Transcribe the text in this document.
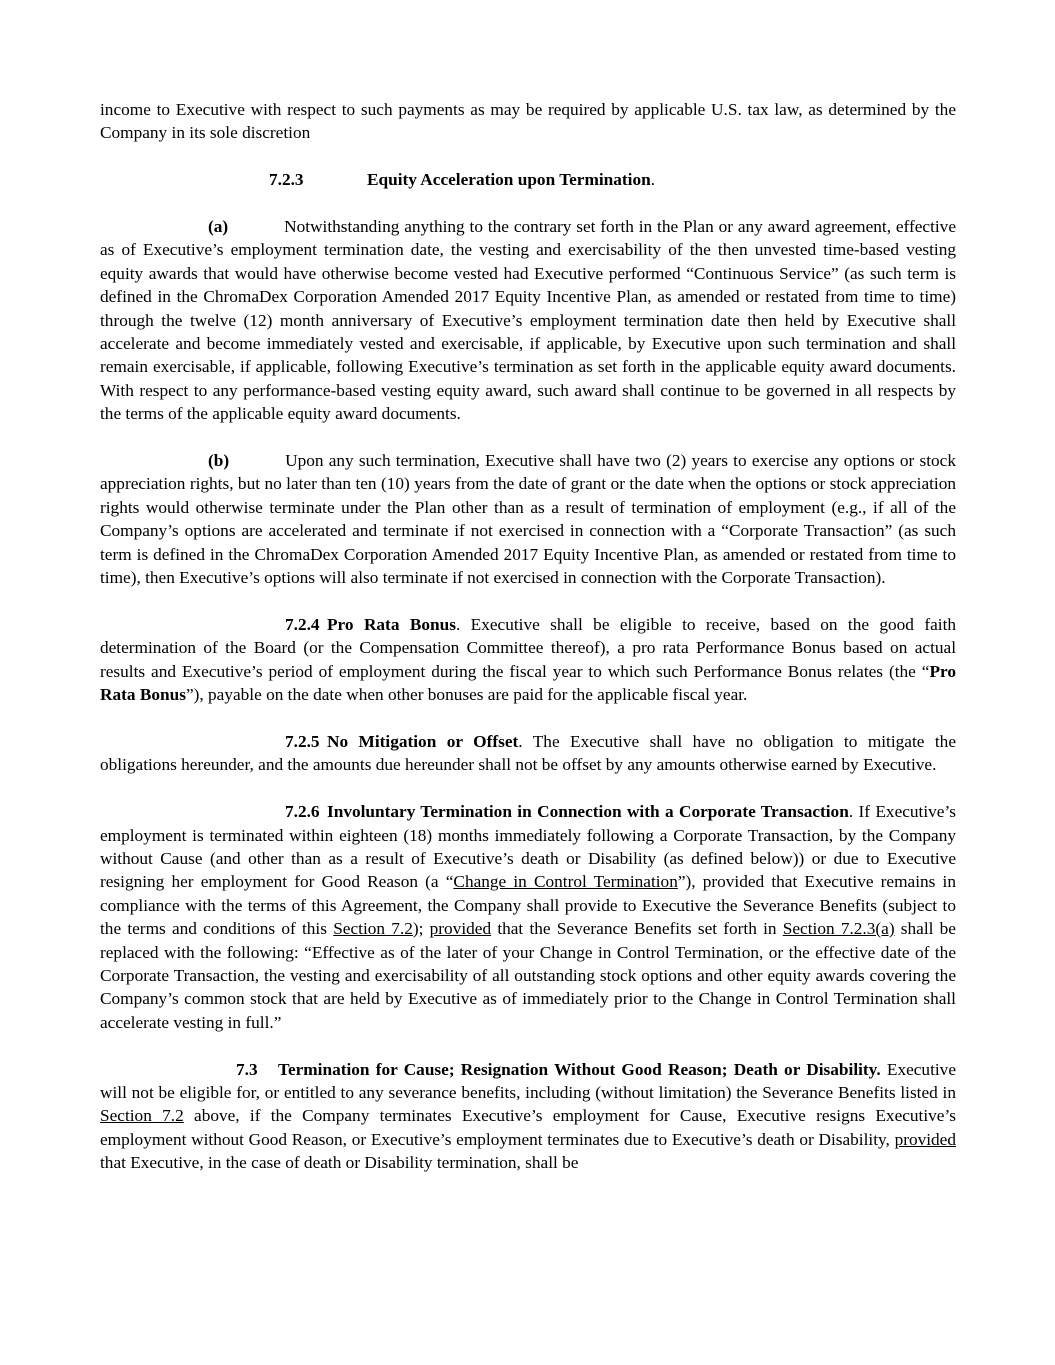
income to Executive with respect to such payments as may be required by applicable U.S. tax law, as determined by the Company in its sole discretion

7.2.3	Equity Acceleration upon Termination.

(a)	Notwithstanding anything to the contrary set forth in the Plan or any award agreement, effective as of Executive’s employment termination date, the vesting and exercisability of the then unvested time-based vesting equity awards that would have otherwise become vested had Executive performed “Continuous Service” (as such term is defined in the ChromaDex Corporation Amended 2017 Equity Incentive Plan, as amended or restated from time to time) through the twelve (12) month anniversary of Executive’s employment termination date then held by Executive shall accelerate and become immediately vested and exercisable, if applicable, by Executive upon such termination and shall remain exercisable, if applicable, following Executive’s termination as set forth in the applicable equity award documents. With respect to any performance-based vesting equity award, such award shall continue to be governed in all respects by the terms of the applicable equity award documents.

(b)	Upon any such termination, Executive shall have two (2) years to exercise any options or stock appreciation rights, but no later than ten (10) years from the date of grant or the date when the options or stock appreciation rights would otherwise terminate under the Plan other than as a result of termination of employment (e.g., if all of the Company’s options are accelerated and terminate if not exercised in connection with a “Corporate Transaction” (as such term is defined in the ChromaDex Corporation Amended 2017 Equity Incentive Plan, as amended or restated from time to time), then Executive’s options will also terminate if not exercised in connection with the Corporate Transaction).

7.2.4 Pro Rata Bonus. Executive shall be eligible to receive, based on the good faith determination of the Board (or the Compensation Committee thereof), a pro rata Performance Bonus based on actual results and Executive’s period of employment during the fiscal year to which such Performance Bonus relates (the “Pro Rata Bonus”), payable on the date when other bonuses are paid for the applicable fiscal year.

7.2.5 No Mitigation or Offset. The Executive shall have no obligation to mitigate the obligations hereunder, and the amounts due hereunder shall not be offset by any amounts otherwise earned by Executive.

7.2.6 Involuntary Termination in Connection with a Corporate Transaction. If Executive’s employment is terminated within eighteen (18) months immediately following a Corporate Transaction, by the Company without Cause (and other than as a result of Executive’s death or Disability (as defined below)) or due to Executive resigning her employment for Good Reason (a “Change in Control Termination”), provided that Executive remains in compliance with the terms of this Agreement, the Company shall provide to Executive the Severance Benefits (subject to the terms and conditions of this Section 7.2); provided that the Severance Benefits set forth in Section 7.2.3(a) shall be replaced with the following: “Effective as of the later of your Change in Control Termination, or the effective date of the Corporate Transaction, the vesting and exercisability of all outstanding stock options and other equity awards covering the Company’s common stock that are held by Executive as of immediately prior to the Change in Control Termination shall accelerate vesting in full.”

7.3 Termination for Cause; Resignation Without Good Reason; Death or Disability. Executive will not be eligible for, or entitled to any severance benefits, including (without limitation) the Severance Benefits listed in Section 7.2 above, if the Company terminates Executive’s employment for Cause, Executive resigns Executive’s employment without Good Reason, or Executive’s employment terminates due to Executive’s death or Disability, provided that Executive, in the case of death or Disability termination, shall be
